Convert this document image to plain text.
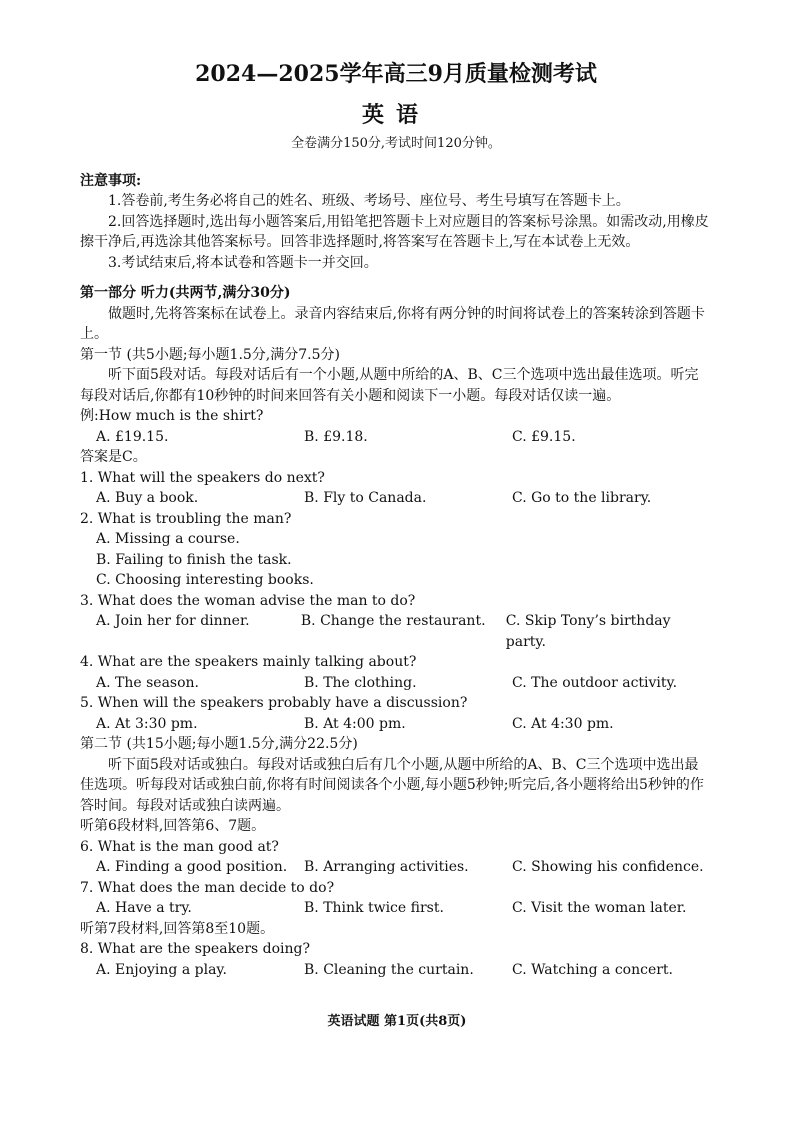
2024—2025学年高三9月质量检测考试
英语
全卷满分150分,考试时间120分钟。

注意事项:

1.答卷前,考生务必将自己的姓名、班级、考场号、座位号、考生号填写在答题卡上。

2.回答选择题时,选出每小题答案后,用铅笔把答题卡上对应题目的答案标号涂黑。如需改动,用橡皮擦干净后,再选涂其他答案标号。回答非选择题时,将答案写在答题卡上,写在本试卷上无效。

3.考试结束后,将本试卷和答题卡一并交回。

第一部分 听力(共两节,满分30分)

做题时,先将答案标在试卷上。录音内容结束后,你将有两分钟的时间将试卷上的答案转涂到答题卡上。

第一节 (共5小题;每小题1.5分,满分7.5分)

听下面5段对话。每段对话后有一个小题,从题中所给的A、B、C三个选项中选出最佳选项。听完每段对话后,你都有10秒钟的时间来回答有关小题和阅读下一小题。每段对话仅读一遍。

例:How much is the shirt?

A. £19.15.	B. £9.18.	C. £9.15.

答案是C。

1. What will the speakers do next?

A. Buy a book.	B. Fly to Canada.	C. Go to the library.

2. What is troubling the man?

A. Missing a course.

B. Failing to finish the task.

C. Choosing interesting books.

3. What does the woman advise the man to do?

A. Join her for dinner.	B. Change the restaurant.	C. Skip Tony’s birthday party.

4. What are the speakers mainly talking about?

A. The season.	B. The clothing.	C. The outdoor activity.

5. When will the speakers probably have a discussion?

A. At 3:30 pm.	B. At 4:00 pm.	C. At 4:30 pm.

第二节 (共15小题;每小题1.5分,满分22.5分)

听下面5段对话或独白。每段对话或独白后有几个小题,从题中所给的A、B、C三个选项中选出最佳选项。听每段对话或独白前,你将有时间阅读各个小题,每小题5秒钟;听完后,各小题将给出5秒钟的作答时间。每段对话或独白读两遍。

听第6段材料,回答第6、7题。

6. What is the man good at?

A. Finding a good position.	B. Arranging activities.	C. Showing his confidence.

7. What does the man decide to do?

A. Have a try.	B. Think twice first.	C. Visit the woman later.

听第7段材料,回答第8至10题。

8. What are the speakers doing?

A. Enjoying a play.	B. Cleaning the curtain.	C. Watching a concert.
英语试题 第1页(共8页)
